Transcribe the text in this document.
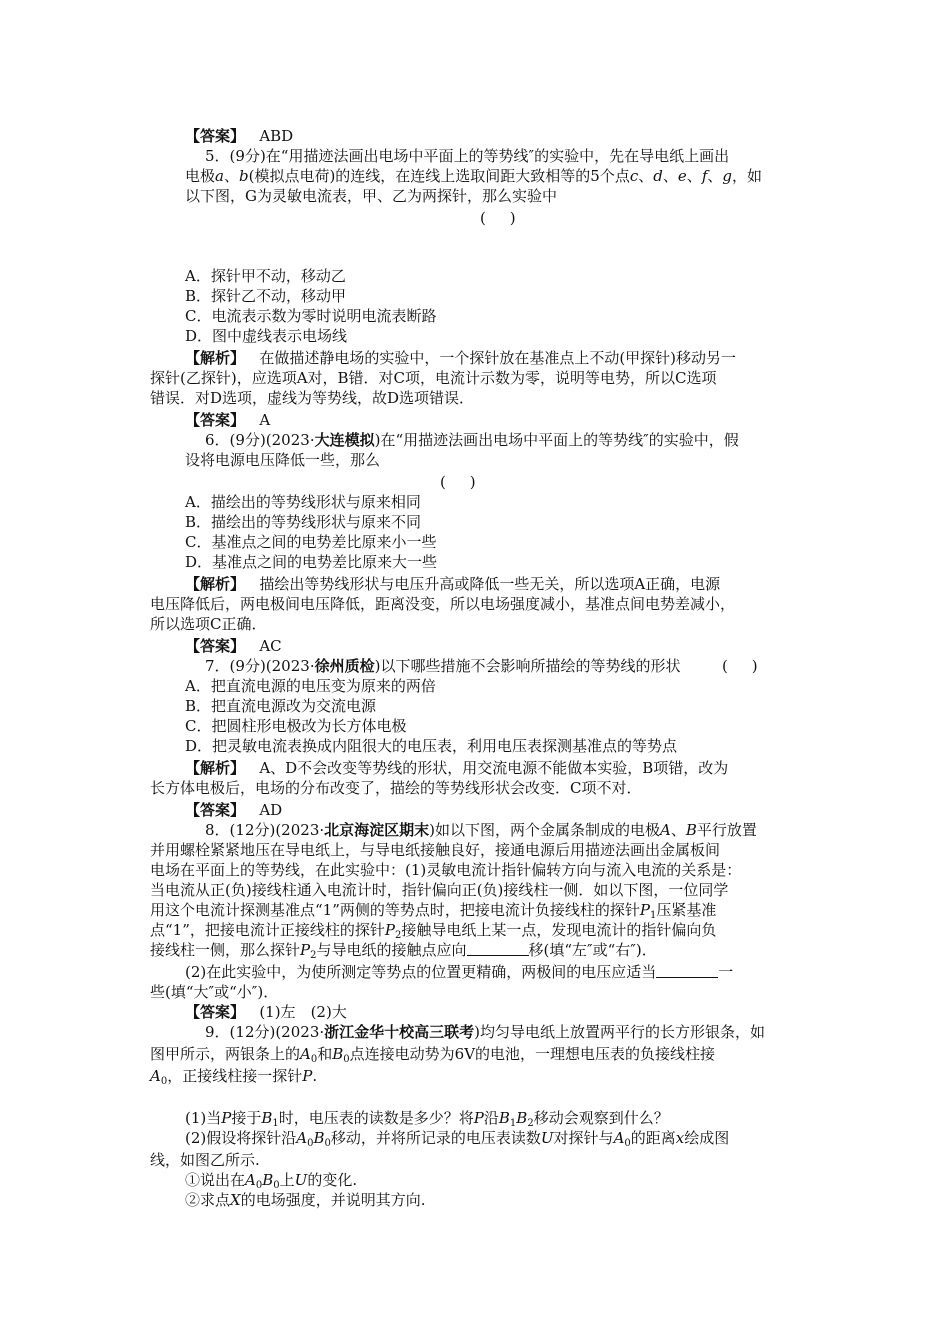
【答案】 ABD
5．(9分)在“用描迹法画出电场中平面上的等势线″的实验中，先在导电纸上画出
电极a、b(模拟点电荷)的连线，在连线上选取间距大致相等的5个点c、d、e、f、g，如
以下图，G为灵敏电流表，甲、乙为两探针，那么实验中
(     )
A．探针甲不动，移动乙
B．探针乙不动，移动甲
C．电流表示数为零时说明电流表断路
D．图中虚线表示电场线
【解析】 在做描述静电场的实验中，一个探针放在基准点上不动(甲探针)移动另一
探针(乙探针)，应选项A对，B错．对C项，电流计示数为零，说明等电势，所以C选项
错误．对D选项，虚线为等势线，故D选项错误．
【答案】 A
6．(9分)(2023·大连模拟)在“用描迹法画出电场中平面上的等势线″的实验中，假
设将电源电压降低一些，那么
(     )
A．描绘出的等势线形状与原来相同
B．描绘出的等势线形状与原来不同
C．基准点之间的电势差比原来小一些
D．基准点之间的电势差比原来大一些
【解析】 描绘出等势线形状与电压升高或降低一些无关，所以选项A正确，电源
电压降低后，两电极间电压降低，距离没变，所以电场强度减小，基准点间电势差减小，
所以选项C正确．
【答案】 AC
7．(9分)(2023·徐州质检)以下哪些措施不会影响所描绘的等势线的形状	(     )
A．把直流电源的电压变为原来的两倍
B．把直流电源改为交流电源
C．把圆柱形电极改为长方体电极
D．把灵敏电流表换成内阻很大的电压表，利用电压表探测基准点的等势点
【解析】 A、D不会改变等势线的形状，用交流电源不能做本实验，B项错，改为
长方体电极后，电场的分布改变了，描绘的等势线形状会改变．C项不对．
【答案】 AD
8．(12分)(2023·北京海淀区期末)如以下图，两个金属条制成的电极A、B平行放置
并用螺栓紧紧地压在导电纸上，与导电纸接触良好，接通电源后用描迹法画出金属板间
电场在平面上的等势线，在此实验中：(1)灵敏电流计指针偏转方向与流入电流的关系是：
当电流从正(负)接线柱通入电流计时，指针偏向正(负)接线柱一侧．如以下图，一位同学
用这个电流计探测基准点“1”两侧的等势点时，把接电流计负接线柱的探针$P_1$压紧基准
点“1”，把接电流计正接线柱的探针$P_2$接触导电纸上某一点，发现电流计的指针偏向负
接线柱一侧，那么探针$P_2$与导电纸的接触点应向	移(填“左″或“右″)．
(2)在此实验中，为使所测定等势点的位置更精确，两极间的电压应适当	一
些(填“大″或“小″)．
【答案】 (1)左　(2)大
9．(12分)(2023·浙江金华十校高三联考)均匀导电纸上放置两平行的长方形银条，如
图甲所示，两银条上的$A_0$和$B_0$点连接电动势为6V的电池，一理想电压表的负接线柱接
$A_0$，正接线柱接一探针P.
(1)当P接于$B_1$时，电压表的读数是多少？将P沿$B_1B_2$移动会观察到什么？
(2)假设将探针沿$A_0B_0$移动，并将所记录的电压表读数U对探针与$A_0$的距离x绘成图
线，如图乙所示.
①说出在$A_0B_0$上U的变化.
②求点X的电场强度，并说明其方向.
